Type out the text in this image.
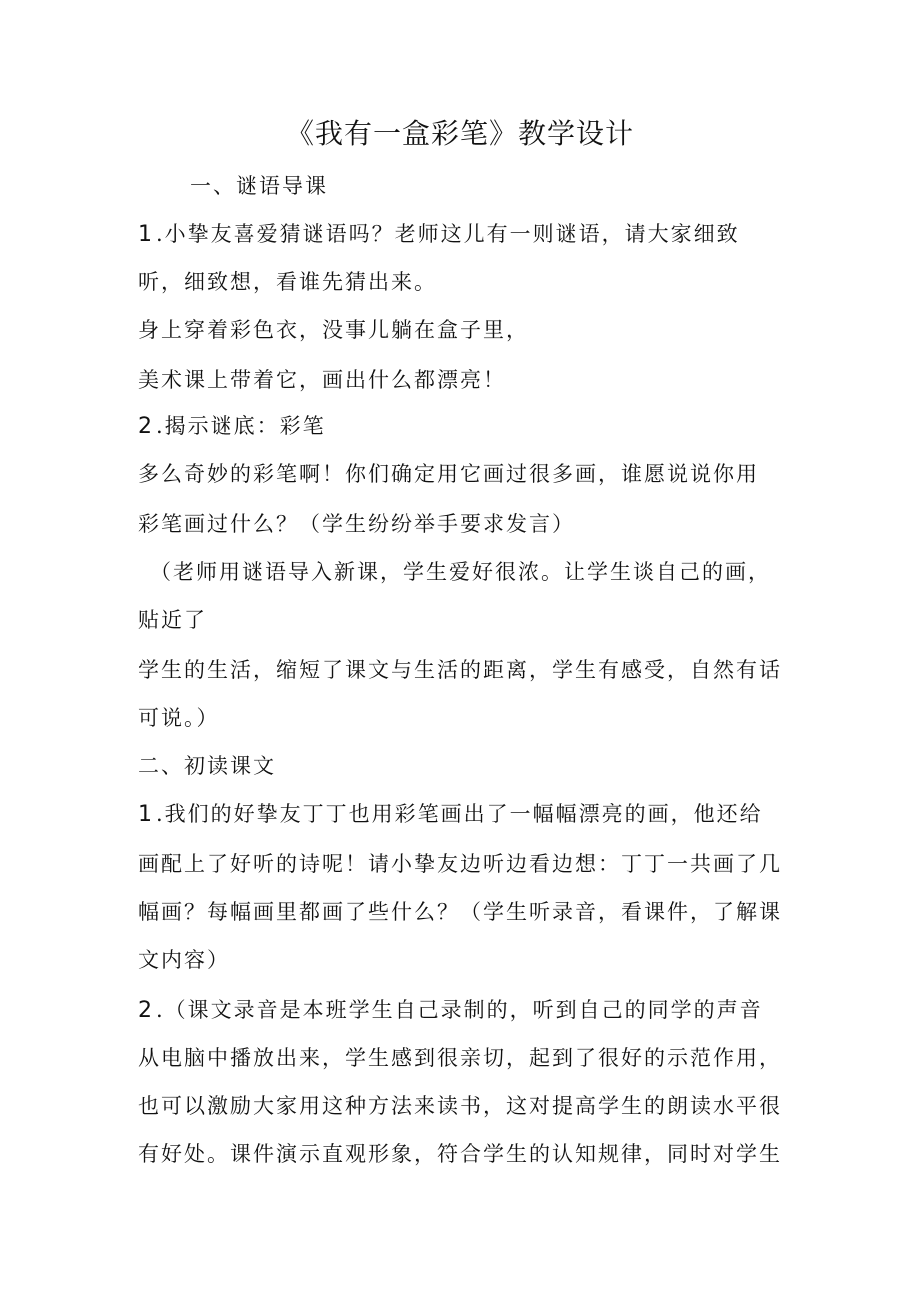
《我有一盒彩笔》教学设计
一、谜语导课
1.小挚友喜爱猜谜语吗？老师这儿有一则谜语，请大家细致
听，细致想，看谁先猜出来。
身上穿着彩色衣，没事儿躺在盒子里，
美术课上带着它，画出什么都漂亮！
2.揭示谜底：彩笔
多么奇妙的彩笔啊！你们确定用它画过很多画，谁愿说说你用
彩笔画过什么？（学生纷纷举手要求发言）
（老师用谜语导入新课，学生爱好很浓。让学生谈自己的画，
贴近了
学生的生活，缩短了课文与生活的距离，学生有感受，自然有话
可说。）
二、初读课文
1.我们的好挚友丁丁也用彩笔画出了一幅幅漂亮的画，他还给
画配上了好听的诗呢！请小挚友边听边看边想：丁丁一共画了几
幅画？每幅画里都画了些什么？（学生听录音，看课件，了解课
文内容）
2.（课文录音是本班学生自己录制的，听到自己的同学的声音
从电脑中播放出来，学生感到很亲切，起到了很好的示范作用，
也可以激励大家用这种方法来读书，这对提高学生的朗读水平很
有好处。课件演示直观形象，符合学生的认知规律，同时对学生
